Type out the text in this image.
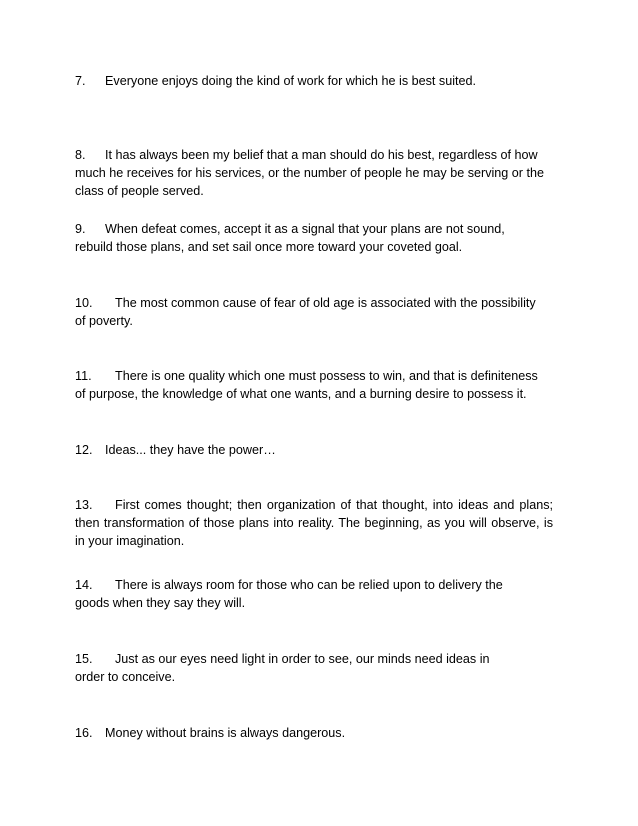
7. Everyone enjoys doing the kind of work for which he is best suited.

8. It has always been my belief that a man should do his best, regardless of how much he receives for his services, or the number of people he may be serving or the class of people served.

9. When defeat comes, accept it as a signal that your plans are not sound, rebuild those plans, and set sail once more toward your coveted goal.

10. The most common cause of fear of old age is associated with the possibility of poverty.

11. There is one quality which one must possess to win, and that is definiteness of purpose, the knowledge of what one wants, and a burning desire to possess it.

12. Ideas... they have the power…

13. First comes thought; then organization of that thought, into ideas and plans; then transformation of those plans into reality. The beginning, as you will observe, is in your imagination.

14. There is always room for those who can be relied upon to delivery the goods when they say they will.

15. Just as our eyes need light in order to see, our minds need ideas in order to conceive.

16. Money without brains is always dangerous.
